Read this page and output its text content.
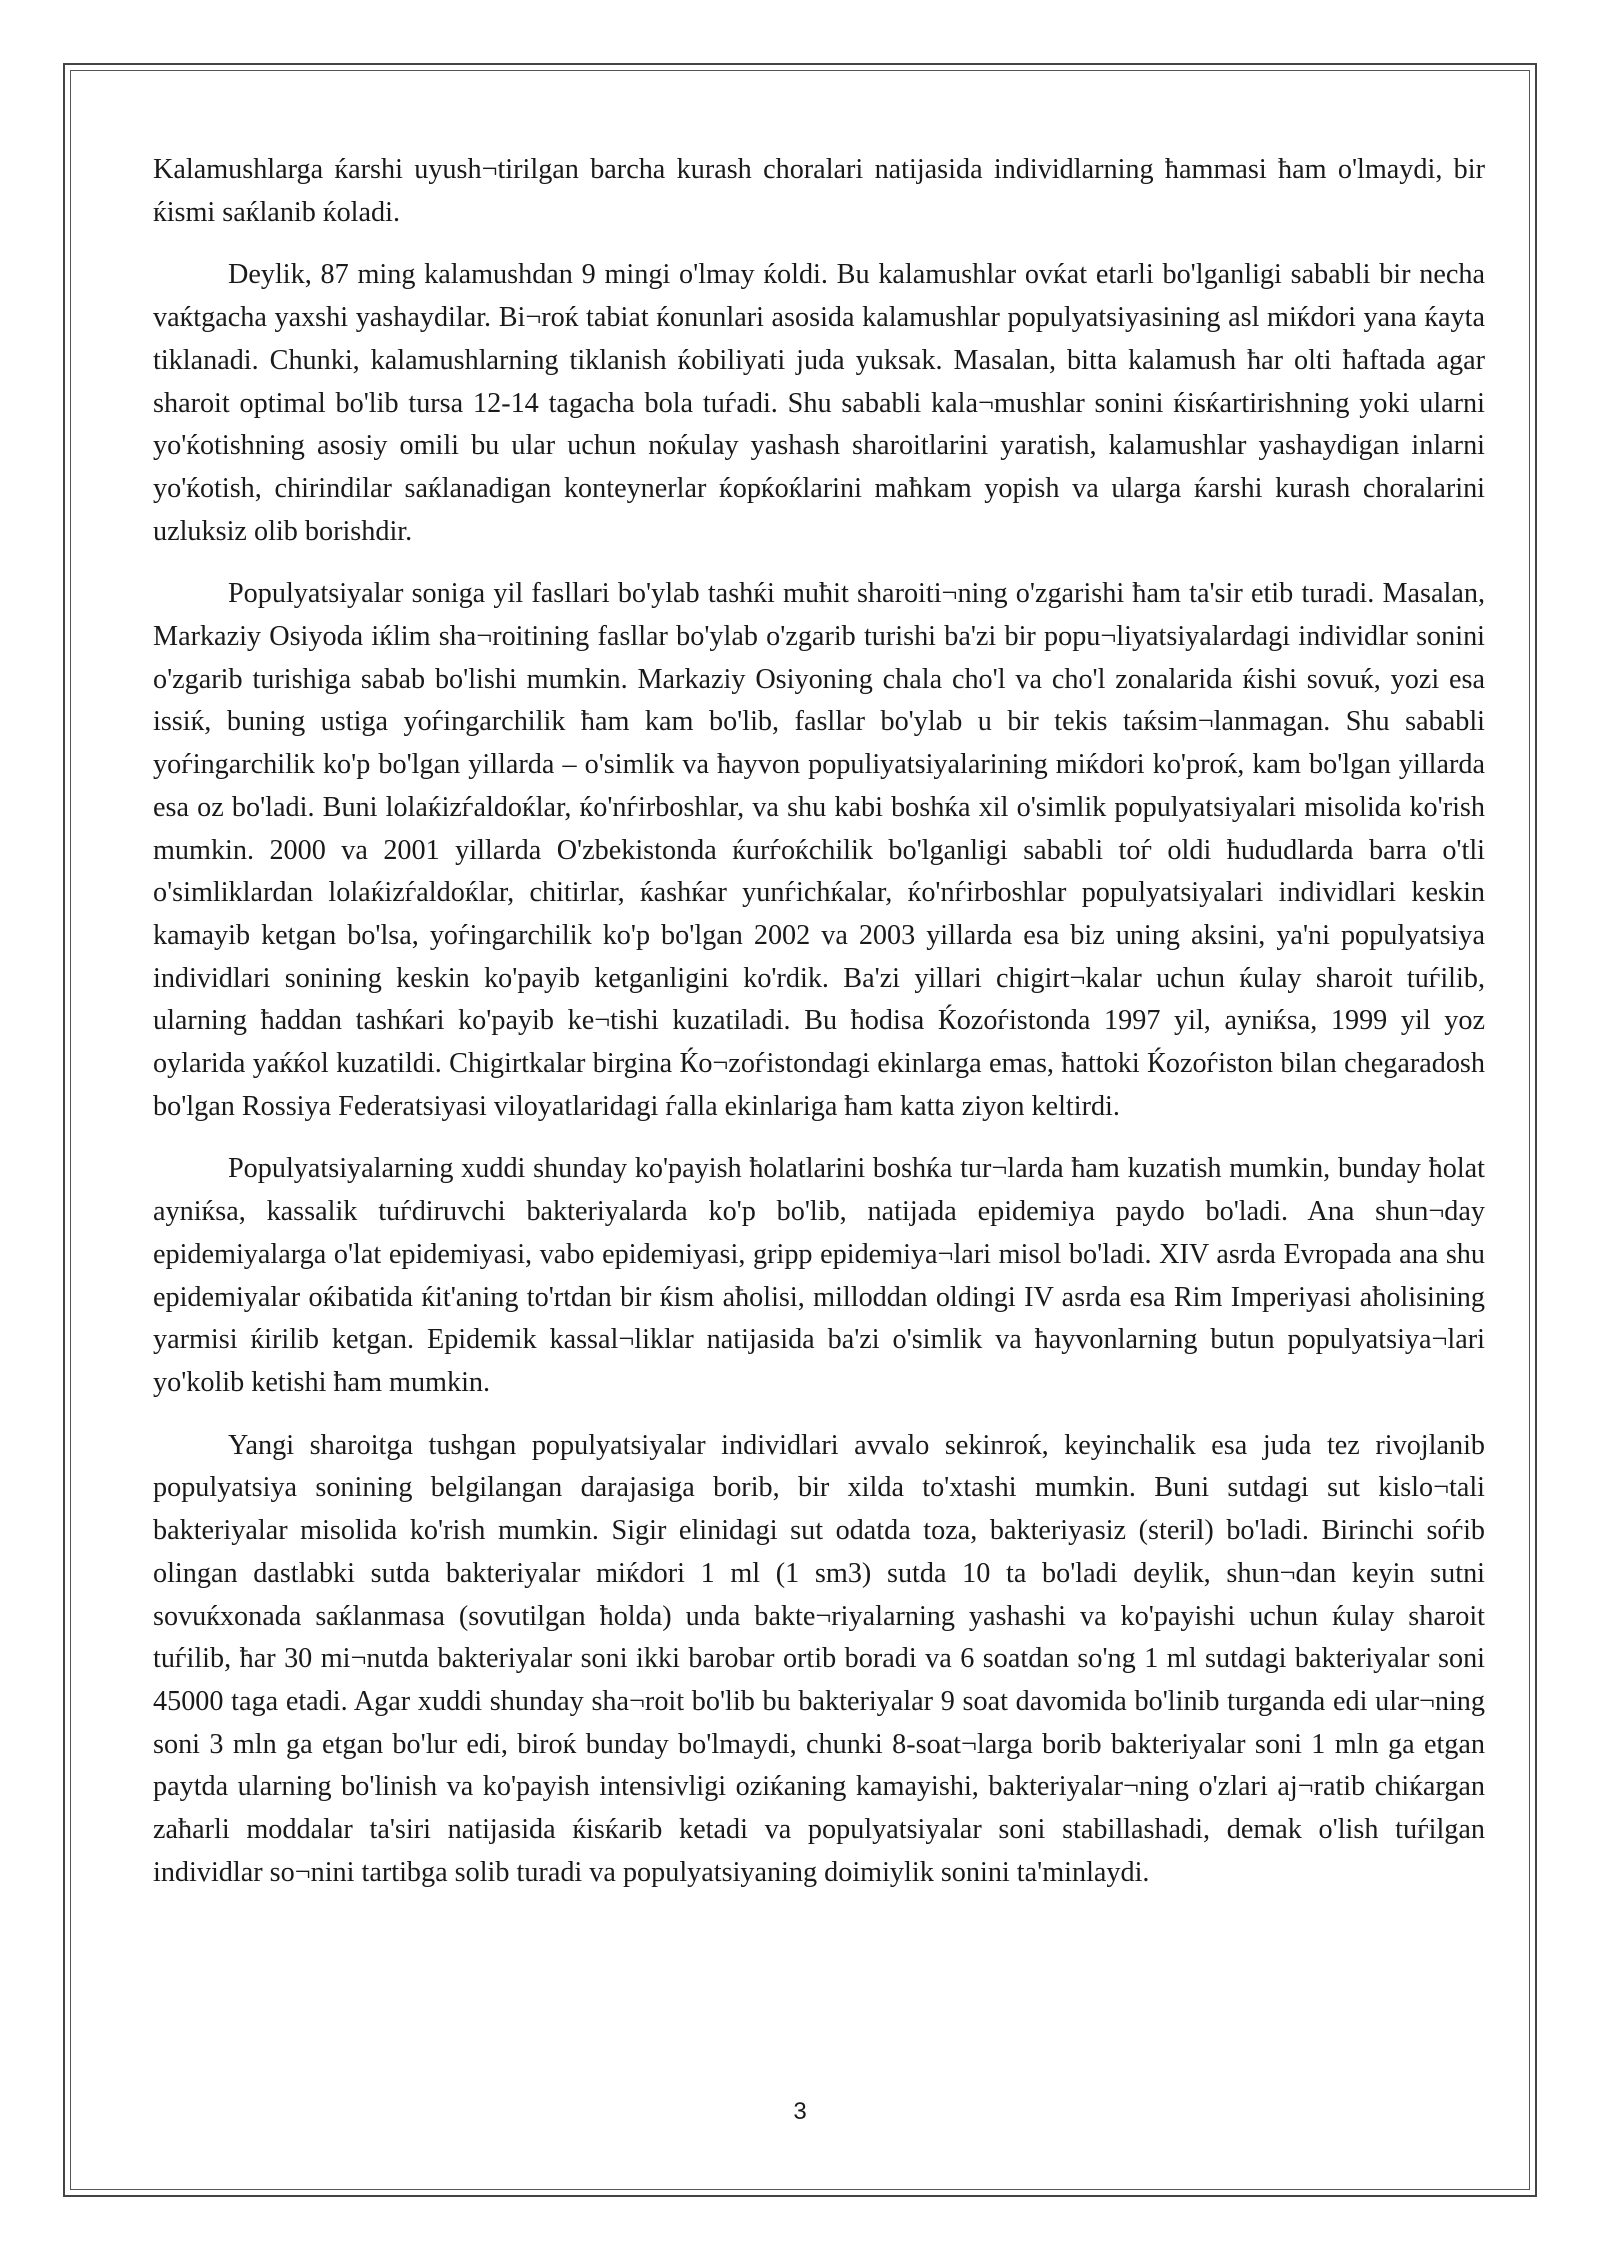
Kalamushlarga ќarshi uyush¬tirilgan barcha kurash choralari natijasida individlarning ћammasi ћam o'lmaydi, bir ќismi saќlanib ќoladi.

Deylik, 87 ming kalamushdan 9 mingi o'lmay ќoldi. Bu kalamushlar ovќat etarli bo'lganligi sababli bir necha vaќtgacha yaxshi yashaydilar. Bi¬roќ tabiat ќonunlari asosida kalamushlar populyatsiyasining asl miќdori yana ќayta tiklanadi. Chunki, kalamushlarning tiklanish ќobiliyati juda yuksak. Masalan, bitta kalamush ћar olti ћaftada agar sharoit optimal bo'lib tursa 12-14 tagacha bola tuѓadi. Shu sababli kala¬mushlar sonini ќisќartirishning yoki ularni yo'ќotishning asosiy omili bu ular uchun noќulay yashash sharoitlarini yaratish, kalamushlar yashaydigan inlarni yo'ќotish, chirindilar saќlanadigan konteynerlar ќopќoќlarini maћkam yopish va ularga ќarshi kurash choralarini uzluksiz olib borishdir.

Populyatsiyalar soniga yil fasllari bo'ylab tashќi muћit sharoiti¬ning o'zgarishi ћam ta'sir etib turadi. Masalan, Markaziy Osiyoda iќlim sha¬roitining fasllar bo'ylab o'zgarib turishi ba'zi bir popu¬liyatsiyalardagi individlar sonini o'zgarib turishiga sabab bo'lishi mumkin. Markaziy Osiyoning chala cho'l va cho'l zonalarida ќishi sovuќ, yozi esa issiќ, buning ustiga yoѓingarchilik ћam kam bo'lib, fasllar bo'ylab u bir tekis taќsim¬lanmagan. Shu sababli yoѓingarchilik ko'p bo'lgan yillarda – o'simlik va ћayvon populiyatsiyalarining miќdori ko'proќ, kam bo'lgan yillarda esa oz bo'ladi. Buni lolaќizѓaldoќlar, ќo'nѓirboshlar, va shu kabi boshќa xil o'simlik populyatsiyalari misolida ko'rish mumkin. 2000 va 2001 yillarda O'zbekistonda ќurѓoќchilik bo'lganligi sababli toѓ oldi ћududlarda barra o'tli o'simliklardan lolaќizѓaldoќlar, chitirlar, ќashќar yunѓichќalar, ќo'nѓirboshlar populyatsiyalari individlari keskin kamayib ketgan bo'lsa, yoѓingarchilik ko'p bo'lgan 2002 va 2003 yillarda esa biz uning aksini, ya'ni populyatsiya individlari sonining keskin ko'payib ketganligini ko'rdik. Ba'zi yillari chigirt¬kalar uchun ќulay sharoit tuѓilib, ularning ћaddan tashќari ko'payib ke¬tishi kuzatiladi. Bu ћodisa Ќozoѓistonda 1997 yil, ayniќsa, 1999 yil yoz oylarida yaќќol kuzatildi. Chigirtkalar birgina Ќo¬zoѓistondagi ekinlarga emas, ћattoki Ќozoѓiston bilan chegaradosh bo'lgan Rossiya Federatsiyasi viloyatlaridagi ѓalla ekinlariga ћam katta ziyon keltirdi.

Populyatsiyalarning xuddi shunday ko'payish ћolatlarini boshќa tur¬larda ћam kuzatish mumkin, bunday ћolat ayniќsa, kassalik tuѓdiruvchi bakteriyalarda ko'p bo'lib, natijada epidemiya paydo bo'ladi. Ana shun¬day epidemiyalarga o'lat epidemiyasi, vabo epidemiyasi, gripp epidemiya¬lari misol bo'ladi. XIV asrda Evropada ana shu epidemiyalar oќibatida ќit'aning to'rtdan bir ќism aћolisi, milloddan oldingi IV asrda esa Rim Imperiyasi aћolisining yarmisi ќirilib ketgan. Epidemik kassal¬liklar natijasida ba'zi o'simlik va ћayvonlarning butun populyatsiya¬lari yo'kolib ketishi ћam mumkin.

Yangi sharoitga tushgan populyatsiyalar individlari avvalo sekinroќ, keyinchalik esa juda tez rivojlanib populyatsiya sonining belgilangan darajasiga borib, bir xilda to'xtashi mumkin. Buni sutdagi sut kislo¬tali bakteriyalar misolida ko'rish mumkin. Sigir elinidagi sut odatda toza, bakteriyasiz (steril) bo'ladi. Birinchi soѓib olingan dastlabki sutda bakteriyalar miќdori 1 ml (1 sm3) sutda 10 ta bo'ladi deylik, shun¬dan keyin sutni sovuќxonada saќlanmasa (sovutilgan ћolda) unda bakte¬riyalarning yashashi va ko'payishi uchun ќulay sharoit tuѓilib, ћar 30 mi¬nutda bakteriyalar soni ikki barobar ortib boradi va 6 soatdan so'ng 1 ml sutdagi bakteriyalar soni 45000 taga etadi. Agar xuddi shunday sha¬roit bo'lib bu bakteriyalar 9 soat davomida bo'linib turganda edi ular¬ning soni 3 mln ga etgan bo'lur edi, biroќ bunday bo'lmaydi, chunki 8-soat¬larga borib bakteriyalar soni 1 mln ga etgan paytda ularning bo'linish va ko'payish intensivligi oziќaning kamayishi, bakteriyalar¬ning o'zlari aj¬ratib chiќargan zaћarli moddalar ta'siri natijasida ќisќarib ketadi va populyatsiyalar soni stabillashadi, demak o'lish tuѓilgan individlar so¬nini tartibga solib turadi va populyatsiyaning doimiylik sonini ta'minlaydi.

3
